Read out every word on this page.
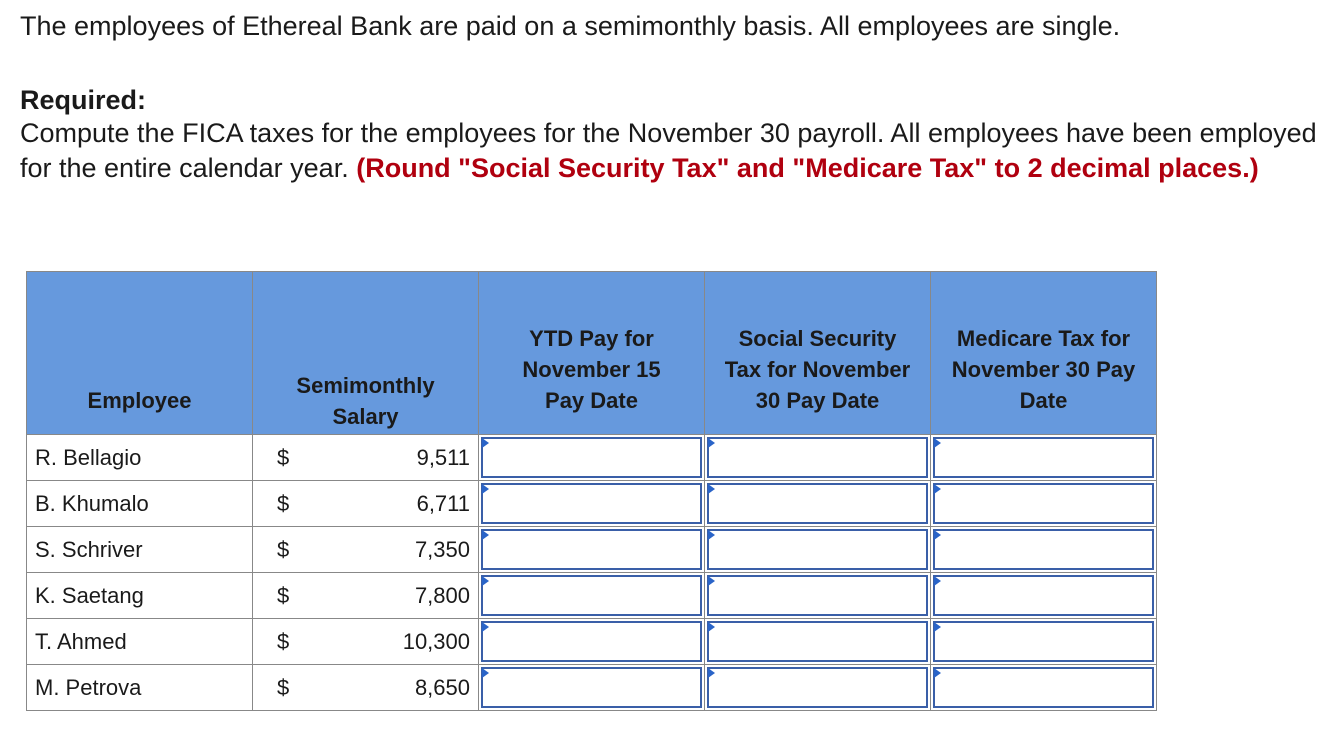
The employees of Ethereal Bank are paid on a semimonthly basis. All employees are single.
Required:
Compute the FICA taxes for the employees for the November 30 payroll. All employees have been employed for the entire calendar year. (Round "Social Security Tax" and "Medicare Tax" to 2 decimal places.)
Employee	Semimonthly Salary	YTD Pay for November 15 Pay Date	Social Security Tax for November 30 Pay Date	Medicare Tax for November 30 Pay Date

R. Bellagio	$ 9,511

B. Khumalo	$ 6,711

S. Schriver	$ 7,350

K. Saetang	$ 7,800

T. Ahmed	$ 10,300

M. Petrova	$ 8,650
